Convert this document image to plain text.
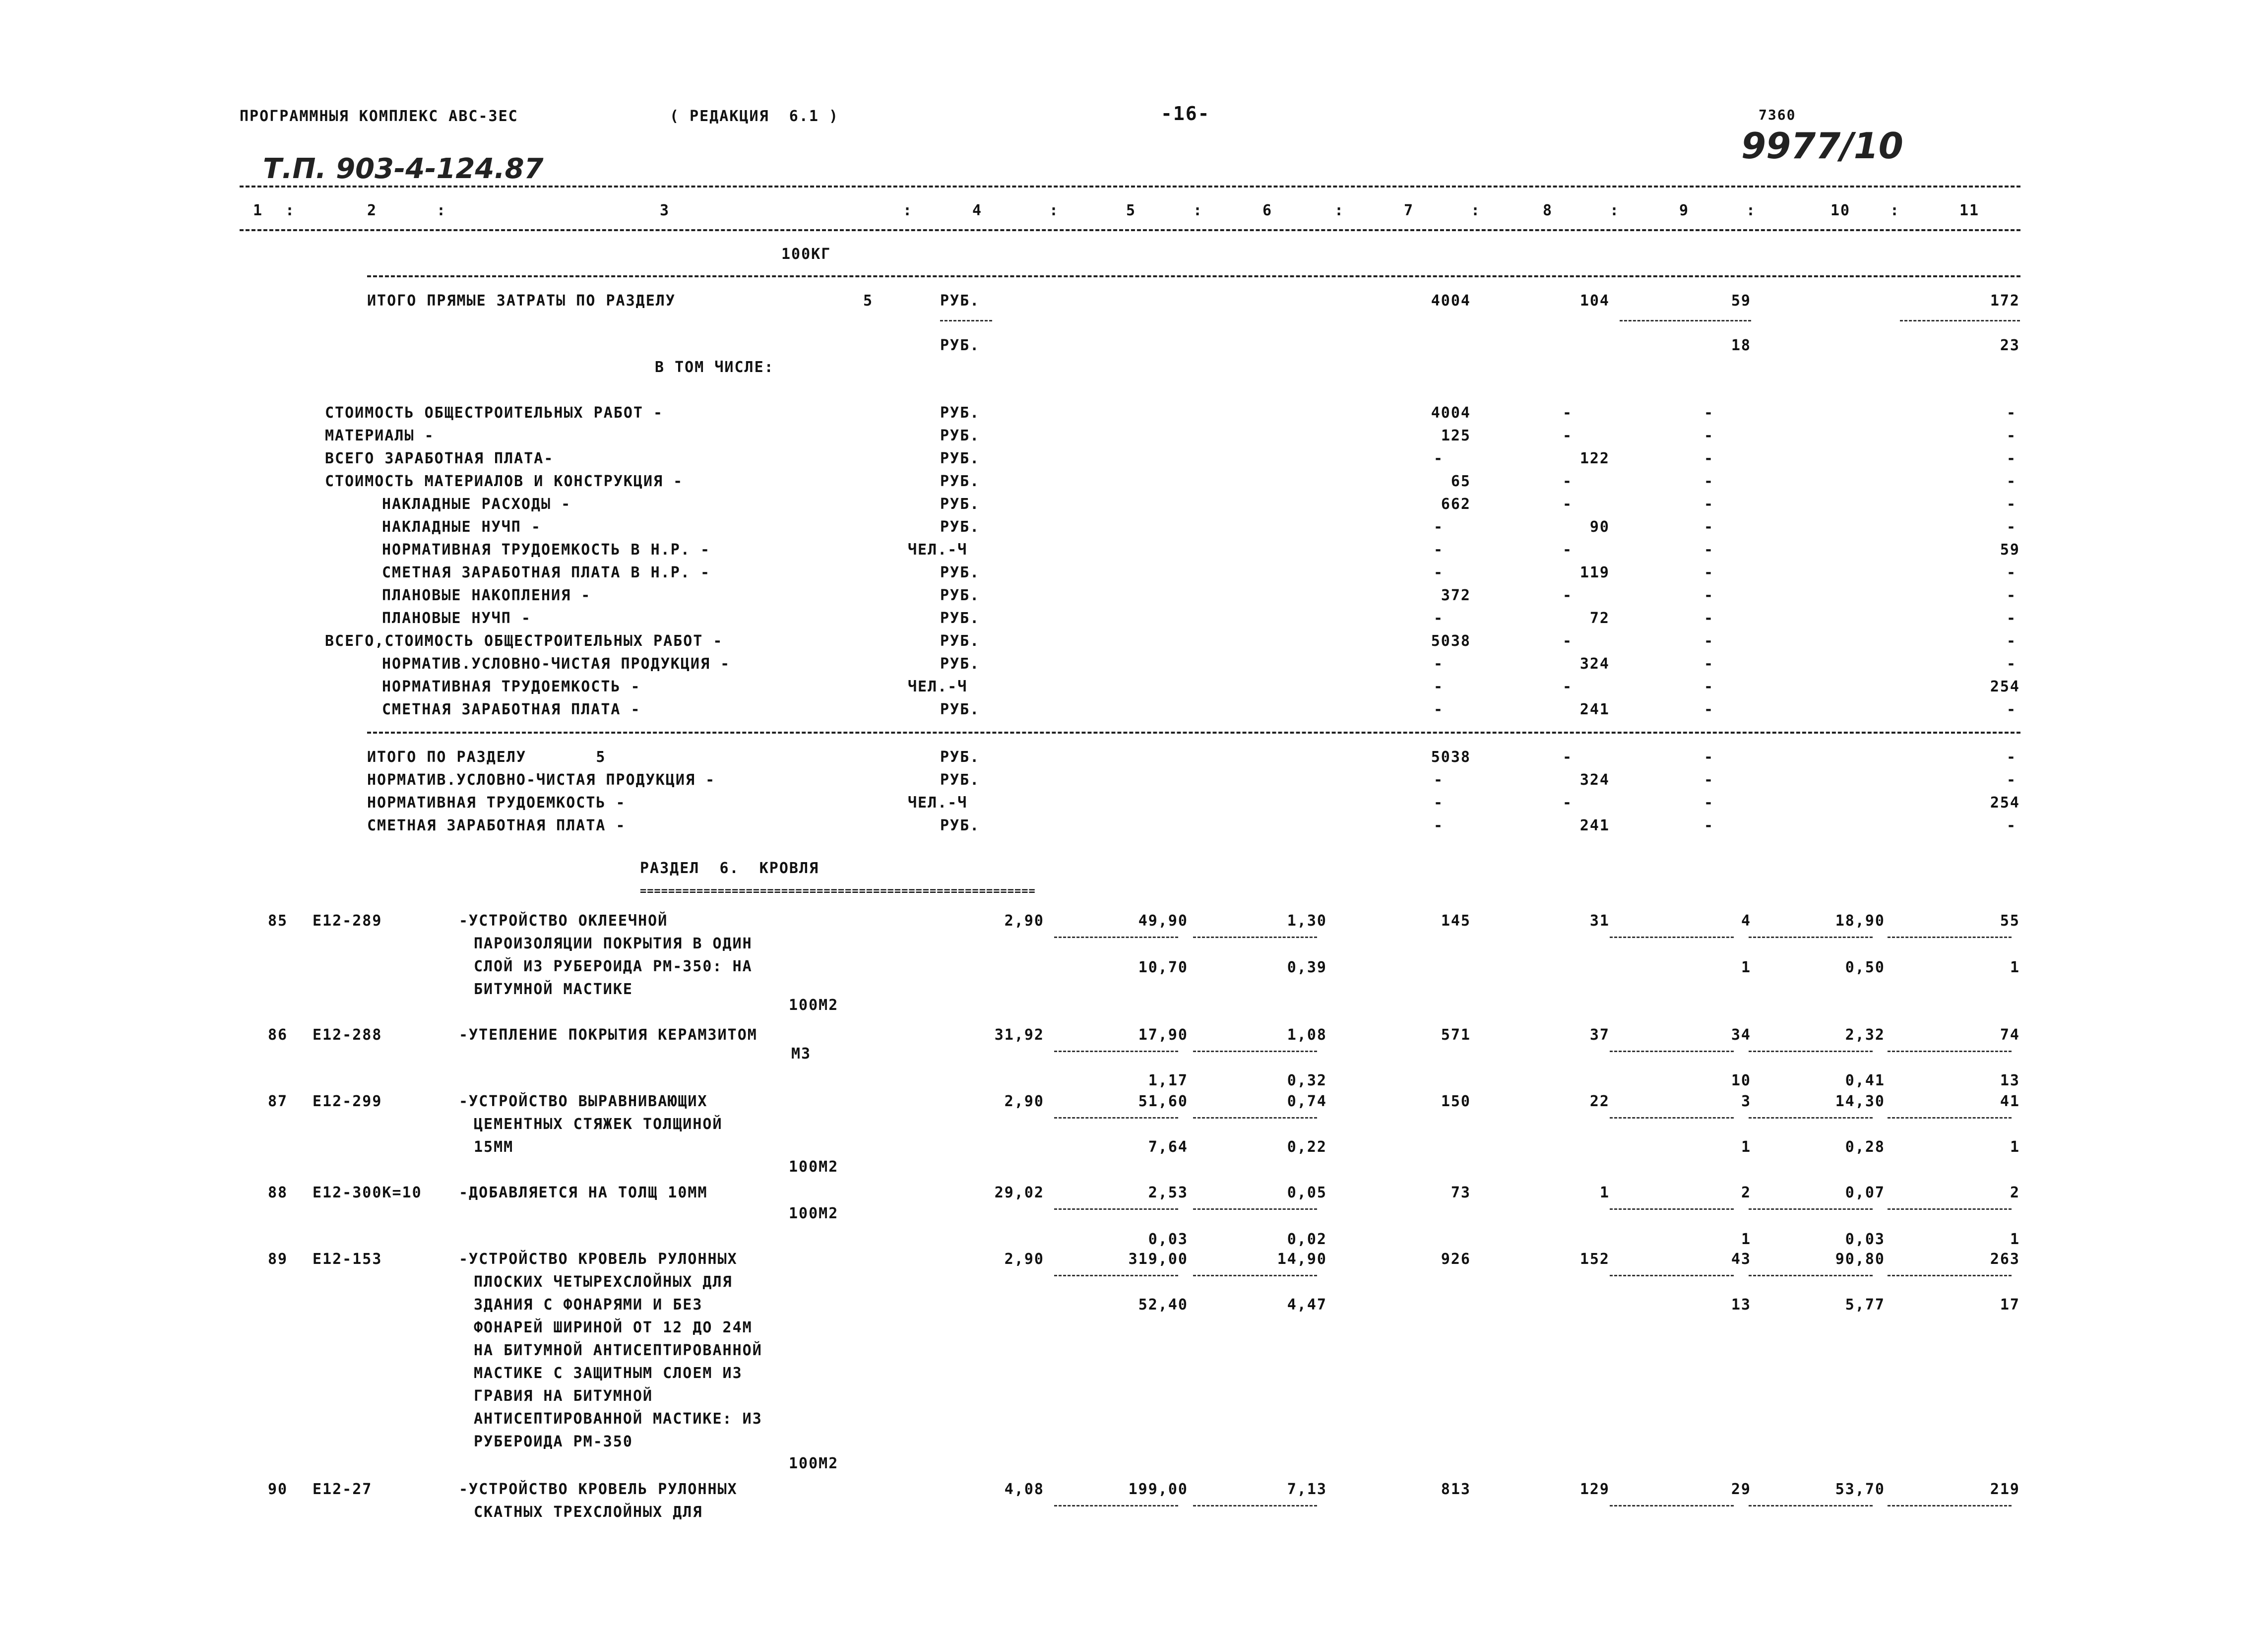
ПРОГРАММНЫЯ КОМПЛЕКС АВС-3ЕС	( РЕДАКЦИЯ  6.1 )	-16-	7360
Т.П. 903-4-124.87
9977/10
1 :	2	:	3	:	4	:	5	:	6	:	7	:	8	:	9	:	10	:	11
100КГ
ИТОГО ПРЯМЫЕ ЗАТРАТЫ ПО РАЗДЕЛУ	5	РУБ.	4004	104	59	172
РУБ.	18	23
В ТОМ ЧИСЛЕ:
СТОИМОСТЬ ОБЩЕСТРОИТЕЛЬНЫХ РАБОТ -	РУБ.	4004	-	-	-
МАТЕРИАЛЫ -	РУБ.	125	-	-	-
ВСЕГО ЗАРАБОТНАЯ ПЛАТА-	РУБ.	-	122	-	-
СТОИМОСТЬ МАТЕРИАЛОВ И КОНСТРУКЦИЯ -	РУБ.	65	-	-	-
НАКЛАДНЫЕ РАСХОДЫ -	РУБ.	662	-	-	-
НАКЛАДНЫЕ НУЧП -	РУБ.	-	90	-	-
НОРМАТИВНАЯ ТРУДОЕМКОСТЬ В Н.Р. -	ЧЕЛ.-Ч	-	-	-	59
СМЕТНАЯ ЗАРАБОТНАЯ ПЛАТА В Н.Р. -	РУБ.	-	119	-	-
ПЛАНОВЫЕ НАКОПЛЕНИЯ -	РУБ.	372	-	-	-
ПЛАНОВЫЕ НУЧП -	РУБ.	-	72	-	-
ВСЕГО,СТОИМОСТЬ ОБЩЕСТРОИТЕЛЬНЫХ РАБОТ -	РУБ.	5038	-	-	-
НОРМАТИВ.УСЛОВНО-ЧИСТАЯ ПРОДУКЦИЯ -	РУБ.	-	324	-	-
НОРМАТИВНАЯ ТРУДОЕМКОСТЬ -	ЧЕЛ.-Ч	-	-	-	254
СМЕТНАЯ ЗАРАБОТНАЯ ПЛАТА -	РУБ.	-	241	-	-
ИТОГО ПО РАЗДЕЛУ       5	РУБ.	5038	-	-	-
НОРМАТИВ.УСЛОВНО-ЧИСТАЯ ПРОДУКЦИЯ -	РУБ.	-	324	-	-
НОРМАТИВНАЯ ТРУДОЕМКОСТЬ -	ЧЕЛ.-Ч	-	-	-	254
СМЕТНАЯ ЗАРАБОТНАЯ ПЛАТА -	РУБ.	-	241	-	-
РАЗДЕЛ  6.  КРОВЛЯ
========================================================
85 Е12-289	-УСТРОЙСТВО ОКЛЕЕЧНОЙ
ПАРОИЗОЛЯЦИИ ПОКРЫТИЯ В ОДИН
СЛОЙ ИЗ РУБЕРОИДА РМ-350: НА
БИТУМНОЙ МАСТИКЕ
100М2
2,90	49,90	1,30	145	31	4	18,90	55
10,70	0,39	1	0,50	1
86 Е12-288	-УТЕПЛЕНИЕ ПОКРЫТИЯ КЕРАМЗИТОМ
М3
31,92	17,90	1,08	571	37	34	2,32	74
1,17	0,32	10	0,41	13
87 Е12-299	-УСТРОЙСТВО ВЫРАВНИВАЮЩИХ
ЦЕМЕНТНЫХ СТЯЖЕК ТОЛЩИНОЙ
15ММ
100М2
2,90	51,60	0,74	150	22	3	14,30	41
7,64	0,22	1	0,28	1
88 Е12-300К=10 -ДОБАВЛЯЕТСЯ НА ТОЛЩ 10ММ
100М2
29,02	2,53	0,05	73	1	2	0,07	2
0,03	0,02	1	0,03	1
89 Е12-153	-УСТРОЙСТВО КРОВЕЛЬ РУЛОННЫХ
ПЛОСКИХ ЧЕТЫРЕХСЛОЙНЫХ ДЛЯ
ЗДАНИЯ С ФОНАРЯМИ И БЕЗ
ФОНАРЕЙ ШИРИНОЙ ОТ 12 ДО 24М
НА БИТУМНОЙ АНТИСЕПТИРОВАННОЙ
МАСТИКЕ С ЗАЩИТНЫМ СЛОЕМ ИЗ
ГРАВИЯ НА БИТУМНОЙ
АНТИСЕПТИРОВАННОЙ МАСТИКЕ: ИЗ
РУБЕРОИДА РМ-350
100М2
2,90	319,00	14,90	926	152	43	90,80	263
52,40	4,47	13	5,77	17
90 Е12-27	-УСТРОЙСТВО КРОВЕЛЬ РУЛОННЫХ
СКАТНЫХ ТРЕХСЛОЙНЫХ ДЛЯ
4,08	199,00	7,13	813	129	29	53,70	219
